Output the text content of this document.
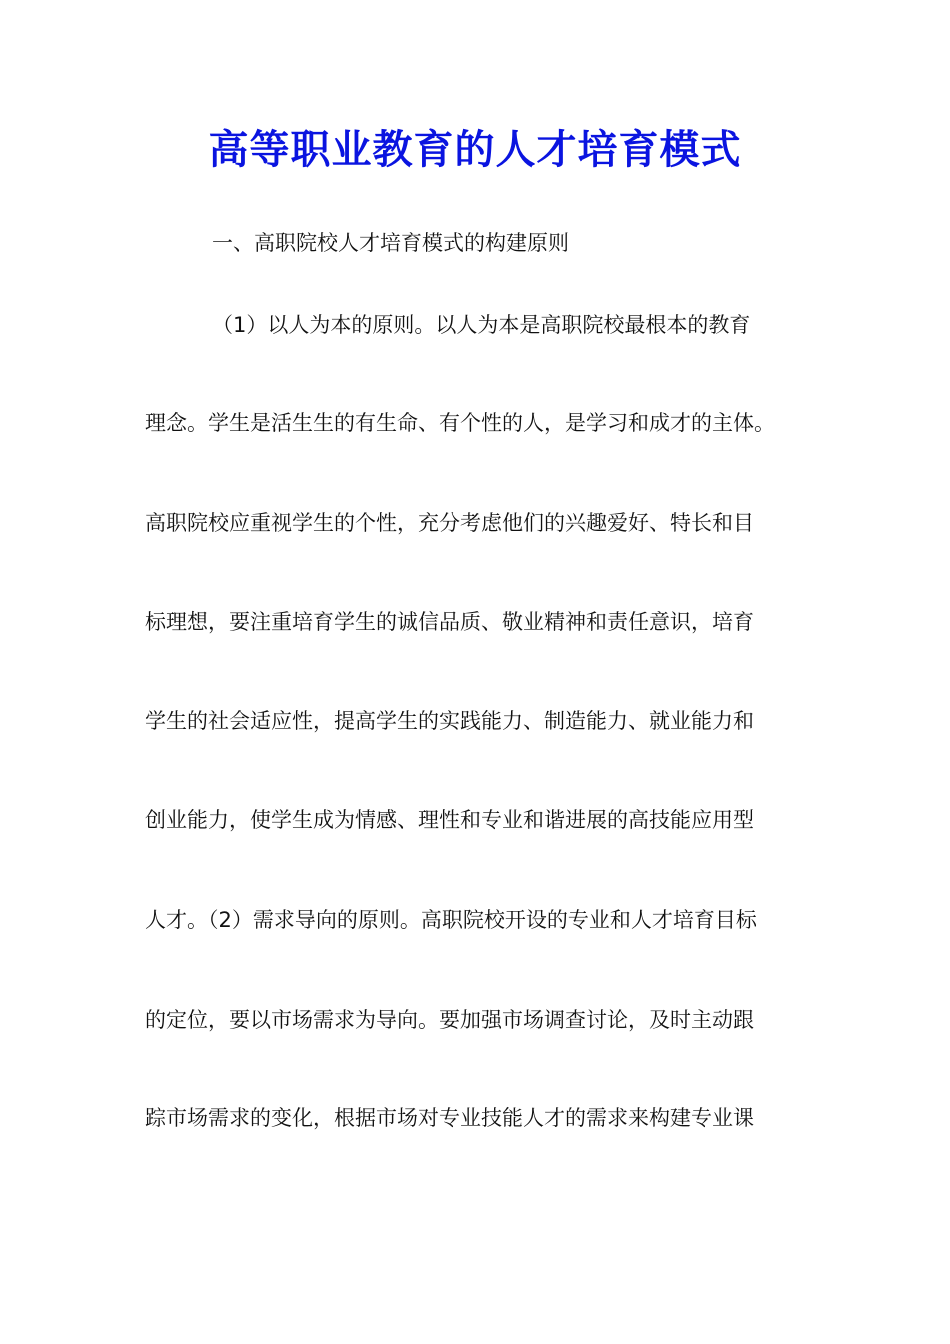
高等职业教育的人才培育模式
一、高职院校人才培育模式的构建原则
（1）以人为本的原则。以人为本是高职院校最根本的教育
理念。学生是活生生的有生命、有个性的人，是学习和成才的主体。
高职院校应重视学生的个性，充分考虑他们的兴趣爱好、特长和目
标理想，要注重培育学生的诚信品质、敬业精神和责任意识，培育
学生的社会适应性，提高学生的实践能力、制造能力、就业能力和
创业能力，使学生成为情感、理性和专业和谐进展的高技能应用型
人才。（2）需求导向的原则。高职院校开设的专业和人才培育目标
的定位，要以市场需求为导向。要加强市场调查讨论，及时主动跟
踪市场需求的变化，根据市场对专业技能人才的需求来构建专业课
